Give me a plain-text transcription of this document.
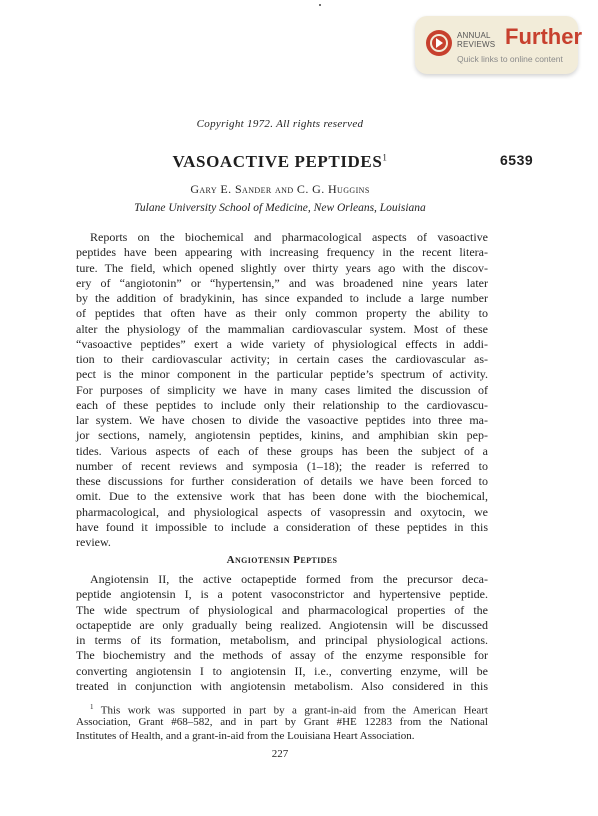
ANNUAL
REVIEWS Further
Quick links to online content
Copyright 1972. All rights reserved
VASOACTIVE PEPTIDES$^1$	6539
Gary E. Sander and C. G. Huggins
Tulane University School of Medicine, New Orleans, Louisiana
Reports on the biochemical and pharmacological aspects of vasoactive
peptides have been appearing with increasing frequency in the recent litera-
ture. The field, which opened slightly over thirty years ago with the discov-
ery of “angiotonin” or “hypertensin,” and was broadened nine years later
by the addition of bradykinin, has since expanded to include a large number
of peptides that often have as their only common property the ability to
alter the physiology of the mammalian cardiovascular system. Most of these
“vasoactive peptides” exert a wide variety of physiological effects in addi-
tion to their cardiovascular activity; in certain cases the cardiovascular as-
pect is the minor component in the particular peptide’s spectrum of activity.
For purposes of simplicity we have in many cases limited the discussion of
each of these peptides to include only their relationship to the cardiovascu-
lar system. We have chosen to divide the vasoactive peptides into three ma-
jor sections, namely, angiotensin peptides, kinins, and amphibian skin pep-
tides. Various aspects of each of these groups has been the subject of a
number of recent reviews and symposia (1–18); the reader is referred to
these discussions for further consideration of details we have been forced to
omit. Due to the extensive work that has been done with the biochemical,
pharmacological, and physiological aspects of vasopressin and oxytocin, we
have found it impossible to include a consideration of these peptides in this
review.
Angiotensin Peptides
Angiotensin II, the active octapeptide formed from the precursor deca-
peptide angiotensin I, is a potent vasoconstrictor and hypertensive peptide.
The wide spectrum of physiological and pharmacological properties of the
octapeptide are only gradually being realized. Angiotensin will be discussed
in terms of its formation, metabolism, and principal physiological actions.
The biochemistry and the methods of assay of the enzyme responsible for
converting angiotensin I to angiotensin II, i.e., converting enzyme, will be
treated in conjunction with angiotensin metabolism. Also considered in this
$^1$ This work was supported in part by a grant-in-aid from the American Heart
Association, Grant #68–582, and in part by Grant #HE 12283 from the National
Institutes of Health, and a grant-in-aid from the Louisiana Heart Association.
227
